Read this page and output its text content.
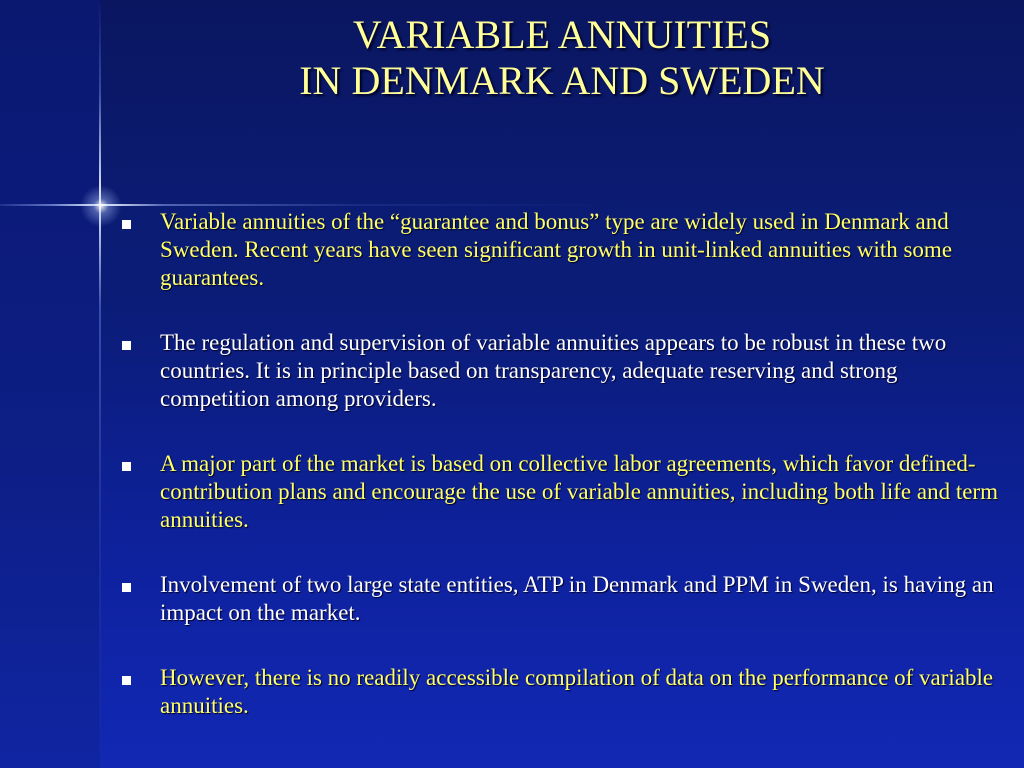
VARIABLE ANNUITIES
IN DENMARK AND SWEDEN
Variable annuities of the “guarantee and bonus” type are widely used in Denmark and Sweden. Recent years have seen significant growth in unit-linked annuities with some guarantees.
The regulation and supervision of variable annuities appears to be robust in these two countries. It is in principle based on transparency, adequate reserving and strong competition among providers.
A major part of the market is based on collective labor agreements, which favor defined-contribution plans and encourage the use of variable annuities, including both life and term annuities.
Involvement of two large state entities, ATP in Denmark and PPM in Sweden, is having an impact on the market.
However, there is no readily accessible compilation of data on the performance of variable annuities.
